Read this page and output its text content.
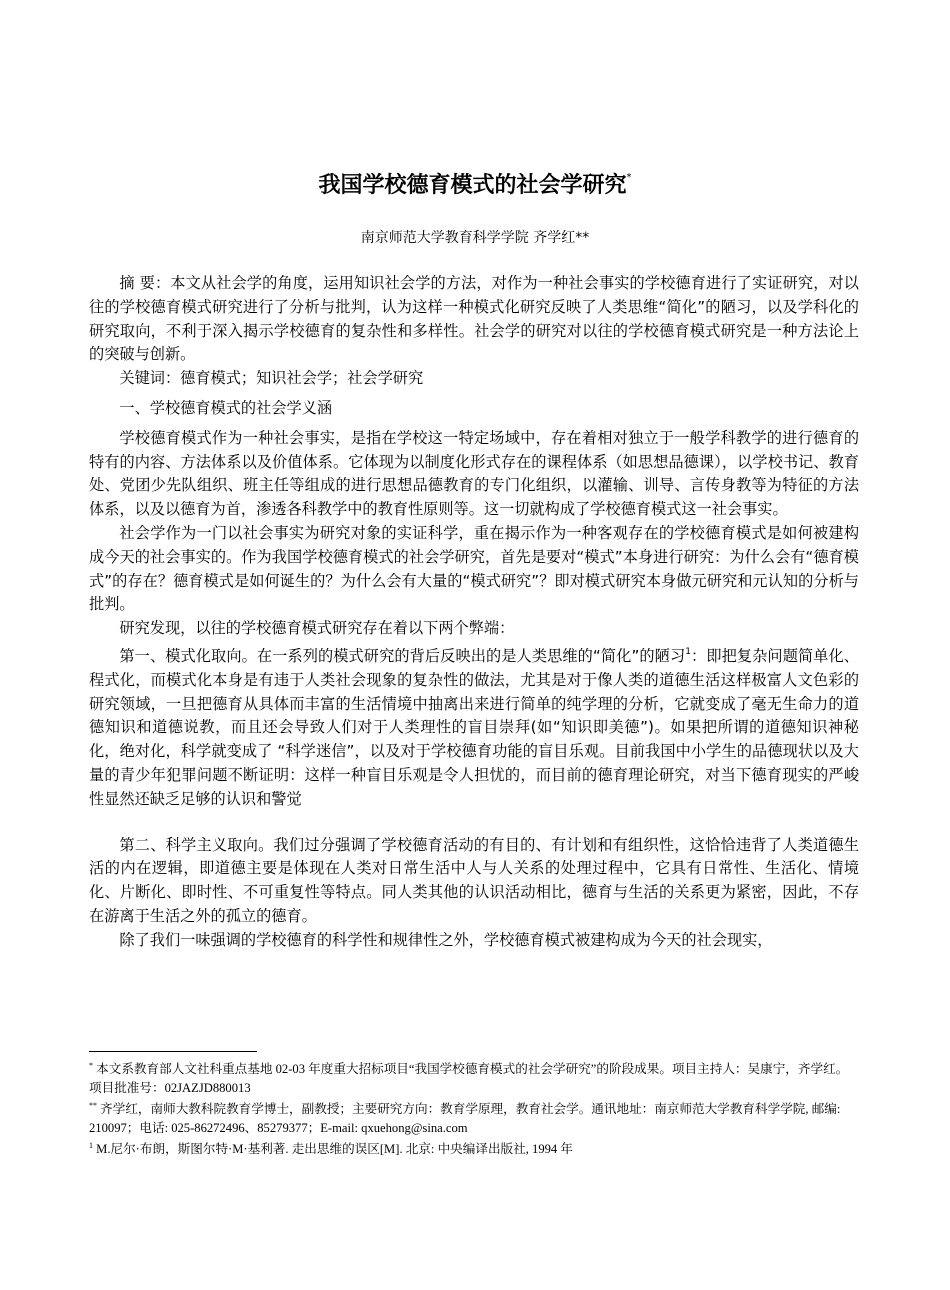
我国学校德育模式的社会学研究*
南京师范大学教育科学学院 齐学红**

摘 要：本文从社会学的角度，运用知识社会学的方法，对作为一种社会事实的学校德育进行了实证研究，对以往的学校德育模式研究进行了分析与批判，认为这样一种模式化研究反映了人类思维“简化”的陋习，以及学科化的研究取向，不利于深入揭示学校德育的复杂性和多样性。社会学的研究对以往的学校德育模式研究是一种方法论上的突破与创新。

关键词：德育模式；知识社会学；社会学研究

一、学校德育模式的社会学义涵

学校德育模式作为一种社会事实，是指在学校这一特定场域中，存在着相对独立于一般学科教学的进行德育的特有的内容、方法体系以及价值体系。它体现为以制度化形式存在的课程体系（如思想品德课），以学校书记、教育处、党团少先队组织、班主任等组成的进行思想品德教育的专门化组织，以灌输、训导、言传身教等为特征的方法体系，以及以德育为首，渗透各科教学中的教育性原则等。这一切就构成了学校德育模式这一社会事实。

社会学作为一门以社会事实为研究对象的实证科学，重在揭示作为一种客观存在的学校德育模式是如何被建构成今天的社会事实的。作为我国学校德育模式的社会学研究，首先是要对“模式”本身进行研究：为什么会有“德育模式”的存在？德育模式是如何诞生的？为什么会有大量的“模式研究”？即对模式研究本身做元研究和元认知的分析与批判。

研究发现，以往的学校德育模式研究存在着以下两个弊端：

第一、模式化取向。在一系列的模式研究的背后反映出的是人类思维的“简化”的陋习$^1$：即把复杂问题简单化、程式化，而模式化本身是有违于人类社会现象的复杂性的做法，尤其是对于像人类的道德生活这样极富人文色彩的研究领域，一旦把德育从具体而丰富的生活情境中抽离出来进行简单的纯学理的分析，它就变成了毫无生命力的道德知识和道德说教，而且还会导致人们对于人类理性的盲目崇拜(如“知识即美德”)。如果把所谓的道德知识神秘化，绝对化，科学就变成了 “科学迷信”，以及对于学校德育功能的盲目乐观。目前我国中小学生的品德现状以及大量的青少年犯罪问题不断证明：这样一种盲目乐观是令人担忧的，而目前的德育理论研究，对当下德育现实的严峻性显然还缺乏足够的认识和警觉

第二、科学主义取向。我们过分强调了学校德育活动的有目的、有计划和有组织性，这恰恰违背了人类道德生活的内在逻辑，即道德主要是体现在人类对日常生活中人与人关系的处理过程中，它具有日常性、生活化、情境化、片断化、即时性、不可重复性等特点。同人类其他的认识活动相比，德育与生活的关系更为紧密，因此，不存在游离于生活之外的孤立的德育。

除了我们一味强调的学校德育的科学性和规律性之外，学校德育模式被建构成为今天的社会现实，

* 本文系教育部人文社科重点基地 02-03 年度重大招标项目“我国学校德育模式的社会学研究”的阶段成果。项目主持人：吴康宁，齐学红。项目批准号：02JAZJD880013

** 齐学红，南师大教科院教育学博士，副教授；主要研究方向：教育学原理，教育社会学。通讯地址：南京师范大学教育科学学院, 邮编: 210097；电话: 025-86272496、85279377；E-mail: qxuehong@sina.com

$^1$ M.尼尔·布朗，斯图尔特·M·基利著. 走出思维的误区[M]. 北京: 中央编译出版社, 1994 年
